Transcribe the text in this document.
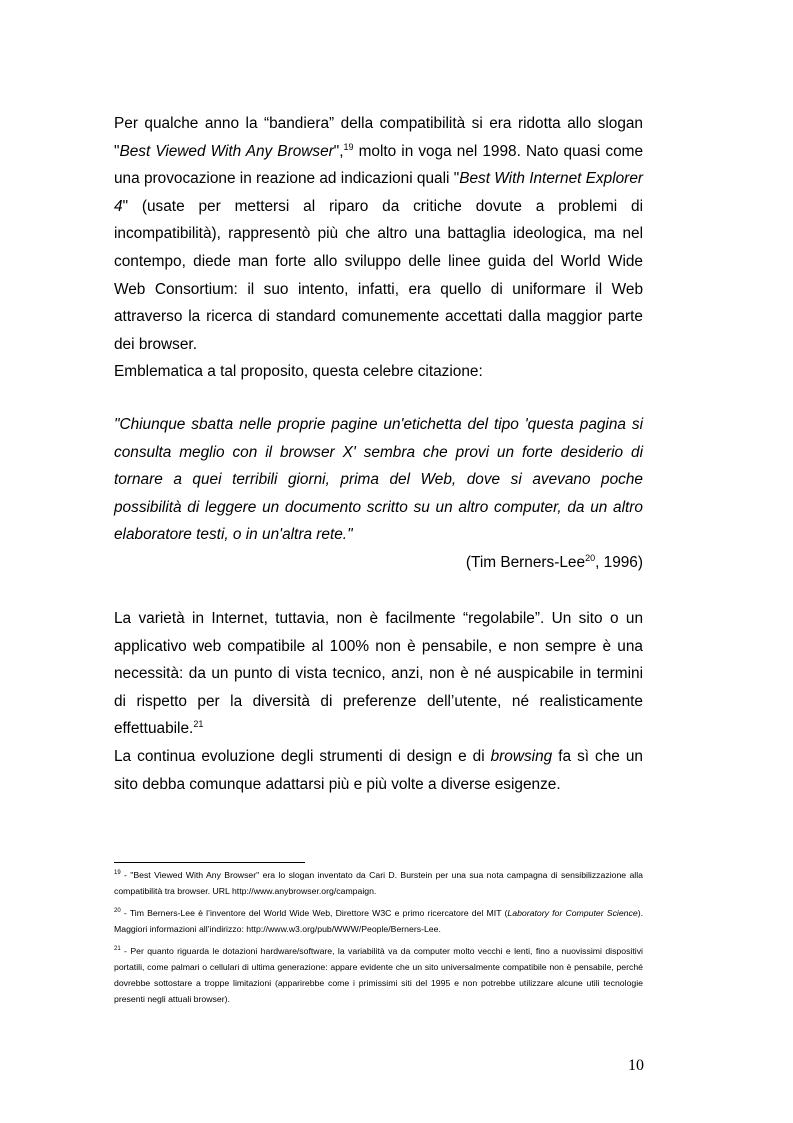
Per qualche anno la “bandiera” della compatibilità si era ridotta allo slogan "Best Viewed With Any Browser",$^{19}$ molto in voga nel 1998. Nato quasi come una provocazione in reazione ad indicazioni quali "Best With Internet Explorer 4" (usate per mettersi al riparo da critiche dovute a problemi di incompatibilità), rappresentò più che altro una battaglia ideologica, ma nel contempo, diede man forte allo sviluppo delle linee guida del World Wide Web Consortium: il suo intento, infatti, era quello di uniformare il Web attraverso la ricerca di standard comunemente accettati dalla maggior parte dei browser.

Emblematica a tal proposito, questa celebre citazione:

"Chiunque sbatta nelle proprie pagine un'etichetta del tipo 'questa pagina si consulta meglio con il browser X' sembra che provi un forte desiderio di tornare a quei terribili giorni, prima del Web, dove si avevano poche possibilità di leggere un documento scritto su un altro computer, da un altro elaboratore testi, o in un'altra rete."

(Tim Berners-Lee$^{20}$, 1996)

La varietà in Internet, tuttavia, non è facilmente “regolabile”. Un sito o un applicativo web compatibile al 100% non è pensabile, e non sempre è una necessità: da un punto di vista tecnico, anzi, non è né auspicabile in termini di rispetto per la diversità di preferenze dell’utente, né realisticamente effettuabile.$^{21}$

La continua evoluzione degli strumenti di design e di browsing fa sì che un sito debba comunque adattarsi più e più volte a diverse esigenze.

$^{19}$ - "Best Viewed With Any Browser" era lo slogan inventato da Cari D. Burstein per una sua nota campagna di sensibilizzazione alla compatibilità tra browser. URL http://www.anybrowser.org/campaign.

$^{20}$ - Tim Berners-Lee è l’inventore del World Wide Web, Direttore W3C e primo ricercatore del MIT (Laboratory for Computer Science). Maggiori informazioni all’indirizzo: http://www.w3.org/pub/WWW/People/Berners-Lee.

$^{21}$ - Per quanto riguarda le dotazioni hardware/software, la variabilità va da computer molto vecchi e lenti, fino a nuovissimi dispositivi portatili, come palmari o cellulari di ultima generazione: appare evidente che un sito universalmente compatibile non è pensabile, perché dovrebbe sottostare a troppe limitazioni (apparirebbe come i primissimi siti del 1995 e non potrebbe utilizzare alcune utili tecnologie presenti negli attuali browser).

10
